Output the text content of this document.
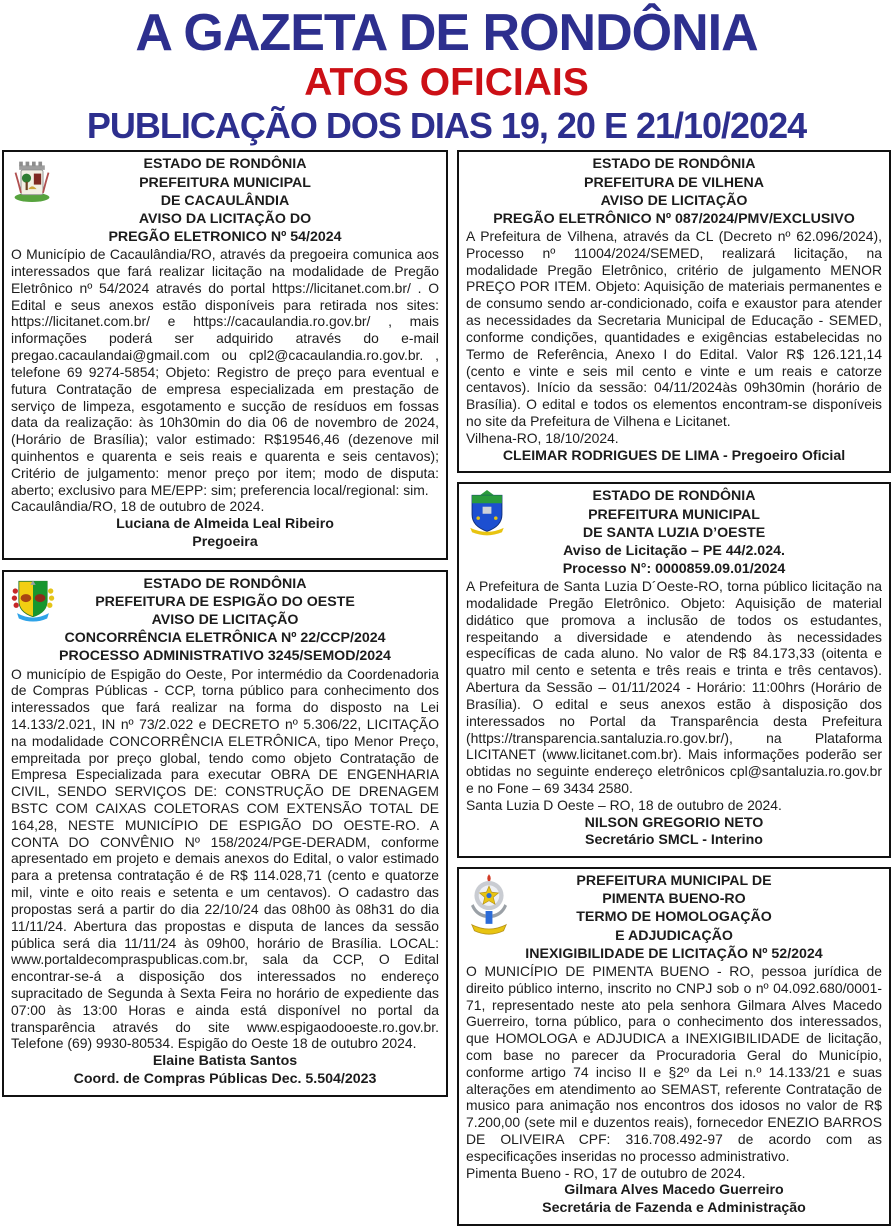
A GAZETA DE RONDÔNIA
ATOS OFICIAIS
PUBLICAÇÃO DOS DIAS 19, 20 E 21/10/2024
ESTADO DE RONDÔNIA
PREFEITURA MUNICIPAL
DE CACAULÂNDIA
AVISO DA LICITAÇÃO DO
PREGÃO ELETRONICO Nº 54/2024

O Município de Cacaulândia/RO, através da pregoeira comunica aos interessados que fará realizar licitação na modalidade de Pregão Eletrônico nº 54/2024 através do portal https://licitanet.com.br/ . O Edital e seus anexos estão disponíveis para retirada nos sites: https://licitanet.com.br/ e https://cacaulandia.ro.gov.br/ , mais informações poderá ser adquirido através do e-mail pregao.cacaulandai@gmail.com ou cpl2@cacaulandia.ro.gov.br. , telefone 69 9274-5854; Objeto: Registro de preço para eventual e futura Contratação de empresa especializada em prestação de serviço de limpeza, esgotamento e sucção de resíduos em fossas data da realização: às 10h30min do dia 06 de novembro de 2024, (Horário de Brasília); valor estimado: R$19546,46 (dezenove mil quinhentos e quarenta e seis reais e quarenta e seis centavos); Critério de julgamento: menor preço por item; modo de disputa: aberto; exclusivo para ME/EPP: sim; preferencia local/regional: sim.

Cacaulândia/RO, 18 de outubro de 2024.
Luciana de Almeida Leal Ribeiro
Pregoeira
ESTADO DE RONDÔNIA
PREFEITURA DE ESPIGÃO DO OESTE
AVISO DE LICITAÇÃO
CONCORRÊNCIA ELETRÔNICA Nº 22/CCP/2024
PROCESSO ADMINISTRATIVO 3245/SEMOD/2024

O município de Espigão do Oeste, Por intermédio da Coordenadoria de Compras Públicas - CCP, torna público para conhecimento dos interessados que fará realizar na forma do disposto na Lei 14.133/2.021, IN nº 73/2.022 e DECRETO nº 5.306/22, LICITAÇÃO na modalidade CONCORRÊNCIA ELETRÔNICA, tipo Menor Preço, empreitada por preço global, tendo como objeto Contratação de Empresa Especializada para executar OBRA DE ENGENHARIA CIVIL, SENDO SERVIÇOS DE: CONSTRUÇÃO DE DRENAGEM BSTC COM CAIXAS COLETORAS COM EXTENSÃO TOTAL DE 164,28, NESTE MUNICÍPIO DE ESPIGÃO DO OESTE-RO. A CONTA DO CONVÊNIO Nº 158/2024/PGE-DERADM, conforme apresentado em projeto e demais anexos do Edital, o valor estimado para a pretensa contratação é de R$ 114.028,71 (cento e quatorze mil, vinte e oito reais e setenta e um centavos). O cadastro das propostas será a partir do dia 22/10/24 das 08h00 às 08h31 do dia 11/11/24. Abertura das propostas e disputa de lances da sessão pública será dia 11/11/24 às 09h00, horário de Brasília. LOCAL: www.portaldecompraspublicas.com.br, sala da CCP, O Edital encontrar-se-á a disposição dos interessados no endereço supracitado de Segunda à Sexta Feira no horário de expediente das 07:00 às 13:00 Horas e ainda está disponível no portal da transparência através do site www.espigaodooeste.ro.gov.br. Telefone (69) 9930-80534. Espigão do Oeste 18 de outubro 2024.

Elaine Batista Santos
Coord. de Compras Públicas Dec. 5.504/2023
ESTADO DE RONDÔNIA
PREFEITURA DE VILHENA
AVISO DE LICITAÇÃO
PREGÃO ELETRÔNICO Nº 087/2024/PMV/EXCLUSIVO

A Prefeitura de Vilhena, através da CL (Decreto nº 62.096/2024), Processo nº 11004/2024/SEMED, realizará licitação, na modalidade Pregão Eletrônico, critério de julgamento MENOR PREÇO POR ITEM. Objeto: Aquisição de materiais permanentes e de consumo sendo ar-condicionado, coifa e exaustor para atender as necessidades da Secretaria Municipal de Educação - SEMED, conforme condições, quantidades e exigências estabelecidas no Termo de Referência, Anexo I do Edital. Valor R$ 126.121,14 (cento e vinte e seis mil cento e vinte e um reais e catorze centavos). Início da sessão: 04/11/2024às 09h30min (horário de Brasília). O edital e todos os elementos encontram-se disponíveis no site da Prefeitura de Vilhena e Licitanet.

Vilhena-RO, 18/10/2024.
CLEIMAR RODRIGUES DE LIMA - Pregoeiro Oficial
ESTADO DE RONDÔNIA
PREFEITURA MUNICIPAL
DE SANTA LUZIA D’OESTE
Aviso de Licitação – PE 44/2.024.
Processo N°: 0000859.09.01/2024

A Prefeitura de Santa Luzia D´Oeste-RO, torna público licitação na modalidade Pregão Eletrônico. Objeto: Aquisição de material didático que promova a inclusão de todos os estudantes, respeitando a diversidade e atendendo às necessidades específicas de cada aluno. No valor de R$ 84.173,33 (oitenta e quatro mil cento e setenta e três reais e trinta e três centavos). Abertura da Sessão – 01/11/2024 - Horário: 11:00hrs (Horário de Brasília). O edital e seus anexos estão à disposição dos interessados no Portal da Transparência desta Prefeitura (https://transparencia.santaluzia.ro.gov.br/), na Plataforma LICITANET (www.licitanet.com.br). Mais informações poderão ser obtidas no seguinte endereço eletrônicos cpl@santaluzia.ro.gov.br e no Fone – 69 3434 2580.

Santa Luzia D Oeste – RO, 18 de outubro de 2024.
NILSON GREGORIO NETO
Secretário SMCL - Interino
PREFEITURA MUNICIPAL DE
PIMENTA BUENO-RO
TERMO DE HOMOLOGAÇÃO
E ADJUDICAÇÃO
INEXIGIBILIDADE DE LICITAÇÃO Nº 52/2024

O MUNICÍPIO DE PIMENTA BUENO - RO, pessoa jurídica de direito público interno, inscrito no CNPJ sob o nº 04.092.680/0001-71, representado neste ato pela senhora Gilmara Alves Macedo Guerreiro, torna público, para o conhecimento dos interessados, que HOMOLOGA e ADJUDICA a INEXIGIBILIDADE de licitação, com base no parecer da Procuradoria Geral do Município, conforme artigo 74 inciso II e §2º da Lei n.º 14.133/21 e suas alterações em atendimento ao SEMAST, referente Contratação de musico para animação nos encontros dos idosos no valor de R$ 7.200,00 (sete mil e duzentos reais), fornecedor ENEZIO BARROS DE OLIVEIRA CPF: 316.708.492-97 de acordo com as especificações inseridas no processo administrativo.

Pimenta Bueno - RO, 17 de outubro de 2024.
Gilmara Alves Macedo Guerreiro
Secretária de Fazenda e Administração
